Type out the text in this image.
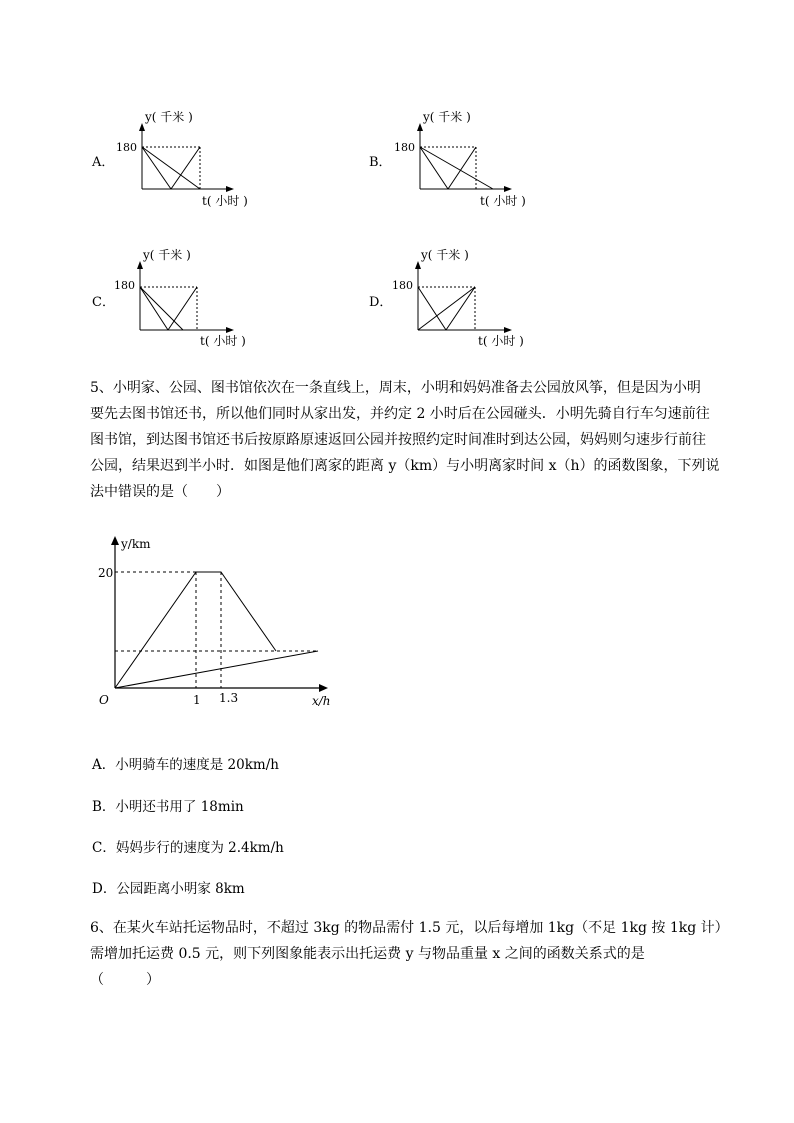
A．
y( 千米 )
180
t( 小时 )
B．
y( 千米 )
180
t( 小时 )
C．
y( 千米 )
180
t( 小时 )
D．
y( 千米 )
180
t( 小时 )
5、小明家、公园、图书馆依次在一条直线上，周末，小明和妈妈准备去公园放风筝，但是因为小明
要先去图书馆还书，所以他们同时从家出发，并约定 2 小时后在公园碰头．小明先骑自行车匀速前往
图书馆，到达图书馆还书后按原路原速返回公园并按照约定时间准时到达公园，妈妈则匀速步行前往
公园，结果迟到半小时．如图是他们离家的距离 y（km）与小明离家时间 x（h）的函数图象，下列说
法中错误的是（　　）
y/km
x/h
O
20
1 1.3
A．小明骑车的速度是 20km/h
B．小明还书用了 18min
C．妈妈步行的速度为 2.4km/h
D．公园距离小明家 8km
6、在某火车站托运物品时，不超过 3kg 的物品需付 1.5 元，以后每增加 1kg（不足 1kg 按 1kg 计）
需增加托运费 0.5 元，则下列图象能表示出托运费 y 与物品重量 x 之间的函数关系式的是
（　　　）
